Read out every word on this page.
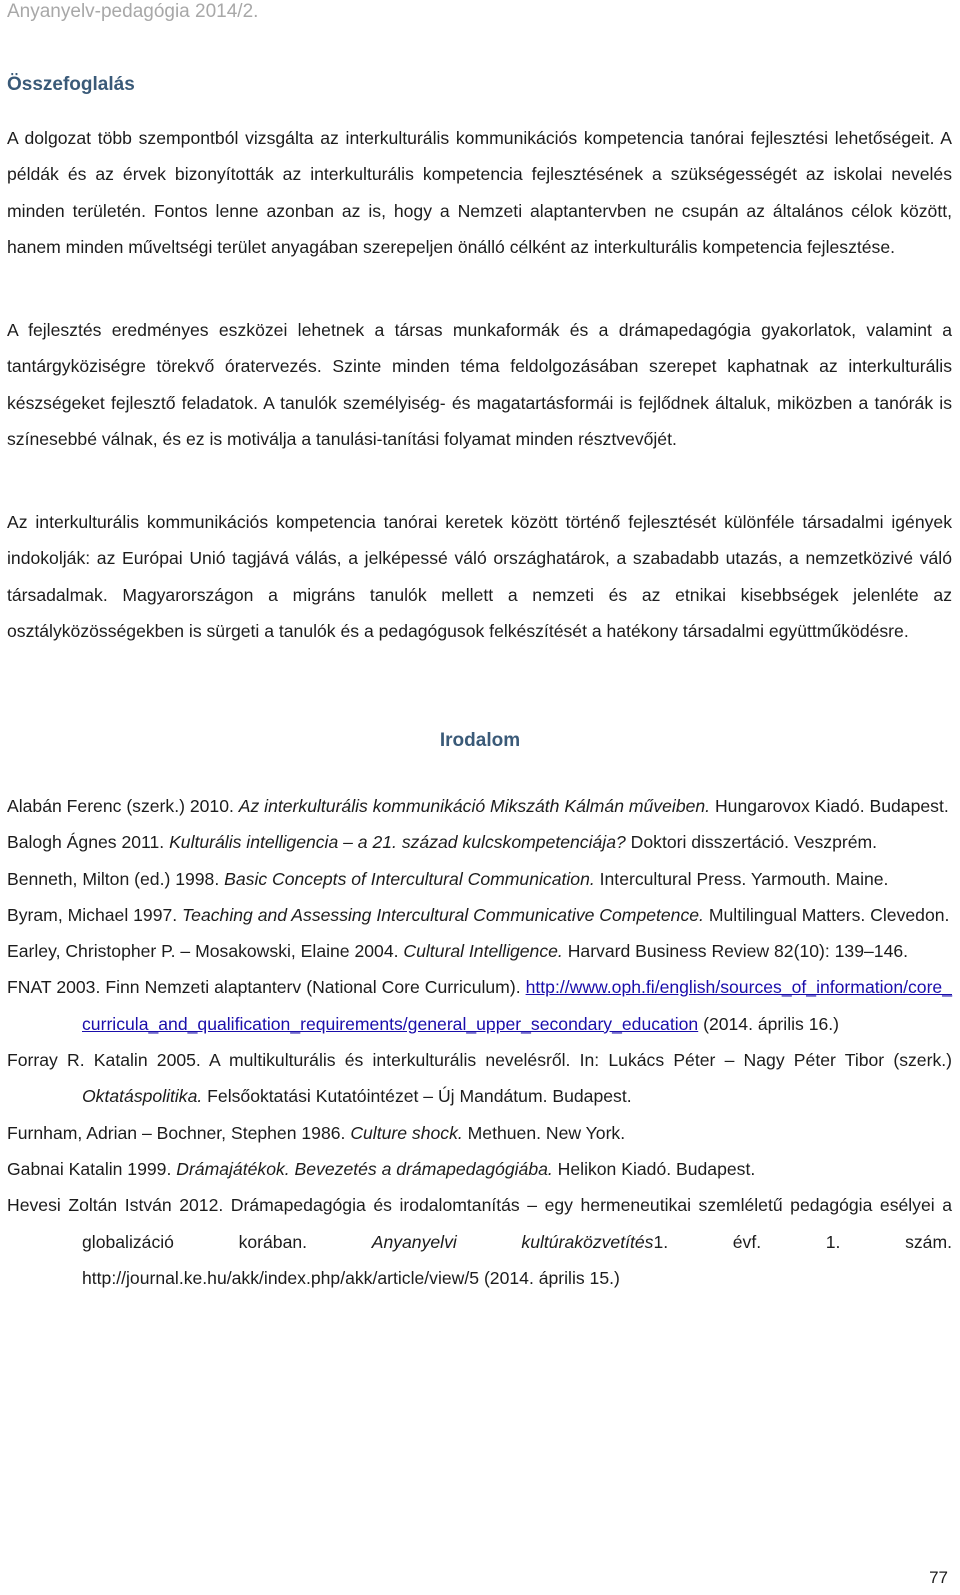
Anyanyelv-pedagógia 2014/2.
Összefoglalás

A dolgozat több szempontból vizsgálta az interkulturális kommunikációs kompetencia tanórai fejlesztési lehetőségeit. A példák és az érvek bizonyították az interkulturális kompetencia fejlesztésének a szükségességét az iskolai nevelés minden területén. Fontos lenne azonban az is, hogy a Nemzeti alaptantervben ne csupán az általános célok között, hanem minden műveltségi terület anyagában szerepeljen önálló célként az interkulturális kompetencia fejlesztése.

A fejlesztés eredményes eszközei lehetnek a társas munkaformák és a drámapedagógia gyakorlatok, valamint a tantárgyköziségre törekvő óratervezés. Szinte minden téma feldolgozásában szerepet kaphatnak az interkulturális készségeket fejlesztő feladatok. A tanulók személyiség- és magatartásformái is fejlődnek általuk, miközben a tanórák is színesebbé válnak, és ez is motiválja a tanulási-tanítási folyamat minden résztvevőjét.

Az interkulturális kommunikációs kompetencia tanórai keretek között történő fejlesztését különféle társadalmi igények indokolják: az Európai Unió tagjává válás, a jelképessé váló országhatárok, a szabadabb utazás, a nemzetközivé váló társadalmak. Magyarországon a migráns tanulók mellett a nemzeti és az etnikai kisebbségek jelenléte az osztályközösségekben is sürgeti a tanulók és a pedagógusok felkészítését a hatékony társadalmi együttműködésre.

Irodalom
Alabán Ferenc (szerk.) 2010. Az interkulturális kommunikáció Mikszáth Kálmán műveiben. Hungarovox Kiadó. Budapest.
Balogh Ágnes 2011. Kulturális intelligencia – a 21. század kulcskompetenciája? Doktori disszertáció. Veszprém.
Benneth, Milton (ed.) 1998. Basic Concepts of Intercultural Communication. Intercultural Press. Yarmouth. Maine.
Byram, Michael 1997. Teaching and Assessing Intercultural Communicative Competence. Multilingual Matters. Clevedon.
Earley, Christopher P. – Mosakowski, Elaine 2004. Cultural Intelligence. Harvard Business Review 82(10): 139–146.
FNAT 2003. Finn Nemzeti alaptanterv (National Core Curriculum). http://www.oph.fi/english/sources_of_information/core_curricula_and_qualification_requirements/general_upper_secondary_education (2014. április 16.)
Forray R. Katalin 2005. A multikulturális és interkulturális nevelésről. In: Lukács Péter – Nagy Péter Tibor (szerk.) Oktatáspolitika. Felsőoktatási Kutatóintézet – Új Mandátum. Budapest.
Furnham, Adrian – Bochner, Stephen 1986. Culture shock. Methuen. New York.
Gabnai Katalin 1999. Drámajátékok. Bevezetés a drámapedagógiába. Helikon Kiadó. Budapest.
Hevesi Zoltán István 2012. Drámapedagógia és irodalomtanítás – egy hermeneutikai szemléletű pedagógia esélyei a globalizáció korában. Anyanyelvi kultúraközvetítés1. évf. 1. szám. http://journal.ke.hu/akk/index.php/akk/article/view/5 (2014. április 15.)
77
